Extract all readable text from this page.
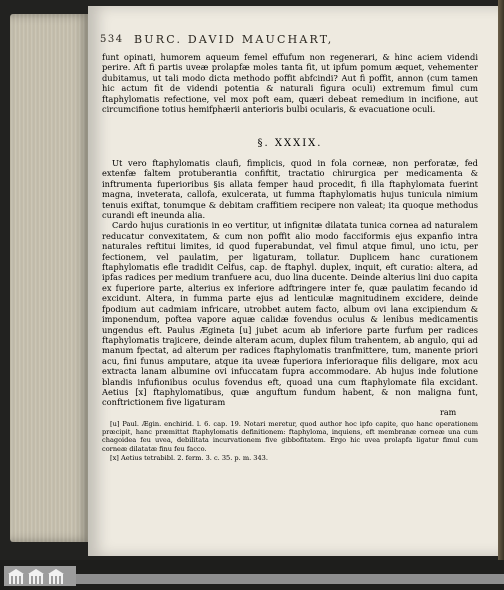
534 BURC. DAVID MAUCHART,

funt opinati, humorem aqueum femel effufum non regenerari, & hinc aciem videndi perire. Aft fi partis uveæ prolapfæ moles tanta fit, ut ipfum pomum æquet, vehementer dubitamus, ut tali modo dicta methodo poffit abfcindi? Aut fi poffit, annon (cum tamen hic actum fit de videndi potentia & naturali figura oculi) extremum fimul cum ftaphylomatis refectione, vel mox poft eam, quæri debeat remedium in incifione, aut circumcifione totius hemifphærii anterioris bulbi ocularis, & evacuatione oculi.

§. XXXIX.

Ut vero ftaphylomatis claufi, fimplicis, quod in fola corneæ, non perforatæ, fed extenfæ faltem protuberantia confiftit, tractatio chirurgica per medicamenta & inftrumenta fuperioribus §is allata femper haud procedit, fi illa ftaphylomata fuerint magna, inveterata, callofa, exulcerata, ut fumma ftaphylomatis hujus tunicula nimium tenuis exiftat, tonumque & debitam craffitiem recipere non valeat; ita quoque methodus curandi eft ineunda alia.

Cardo hujus curationis in eo vertitur, ut infignitæ dilatata tunica cornea ad naturalem reducatur convexitatem, & cum non poffit alio modo facciformis ejus expanfio intra naturales reftitui limites, id quod fuperabundat, vel fimul atque fimul, uno ictu, per fectionem, vel paulatim, per ligaturam, tollatur. Duplicem hanc curationem ftaphylomatis efle tradidit Celfus, cap. de ftaphyl. duplex, inquit, eft curatio: altera, ad ipfas radices per medium tranfuere acu, duo lina ducente. Deinde alterius lini duo capita ex fuperiore parte, alterius ex inferiore adftringere inter fe, quæ paulatim fecando id excidunt. Altera, in fumma parte ejus ad lenticulæ magnitudinem excidere, deinde fpodium aut cadmiam infricare, utrobbet autem facto, album ovi lana excipiendum & imponendum, poftea vapore aquæ calidæ fovendus oculus & lenibus medicamentis ungendus eft. Paulus Ægineta [u] jubet acum ab inferiore parte furfum per radices ftaphylomatis trajicere, deinde alteram acum, duplex filum trahentem, ab angulo, qui ad manum fpectat, ad alterum per radices ftaphylomatis tranfmittere, tum, manente priori acu, fini funus amputare, atque ita uveæ fuperiora inferioraque filis deligare, mox acu extracta lanam albumine ovi infuccatam fupra accommodare. Ab hujus inde folutione blandis infufionibus oculus fovendus eft, quoad una cum ftaphylomate fila excidant. Aetius [x] ftaphylomatibus, quæ anguftum fundum habent, & non maligna funt, conftrictionem five ligaturam

ram

[u] Paul. Ægin. enchirid. l. 6. cap. 19. Notari meretur, quod author hoc ipfo capite, quo hanc operationem præcipit, hanc præmittat ftaphylomatis definitionem: ftaphyloma, inquiens, eft membranæ corneæ una cum chagoidea feu uvea, debilitata incurvationem five gibbofitatem. Ergo hic uvea prolapfa ligatur fimul cum corneæ dilatatæ finu feu facco.

[x] Aetius tetrabibl. 2. ferm. 3. c. 35. p. m. 343.
